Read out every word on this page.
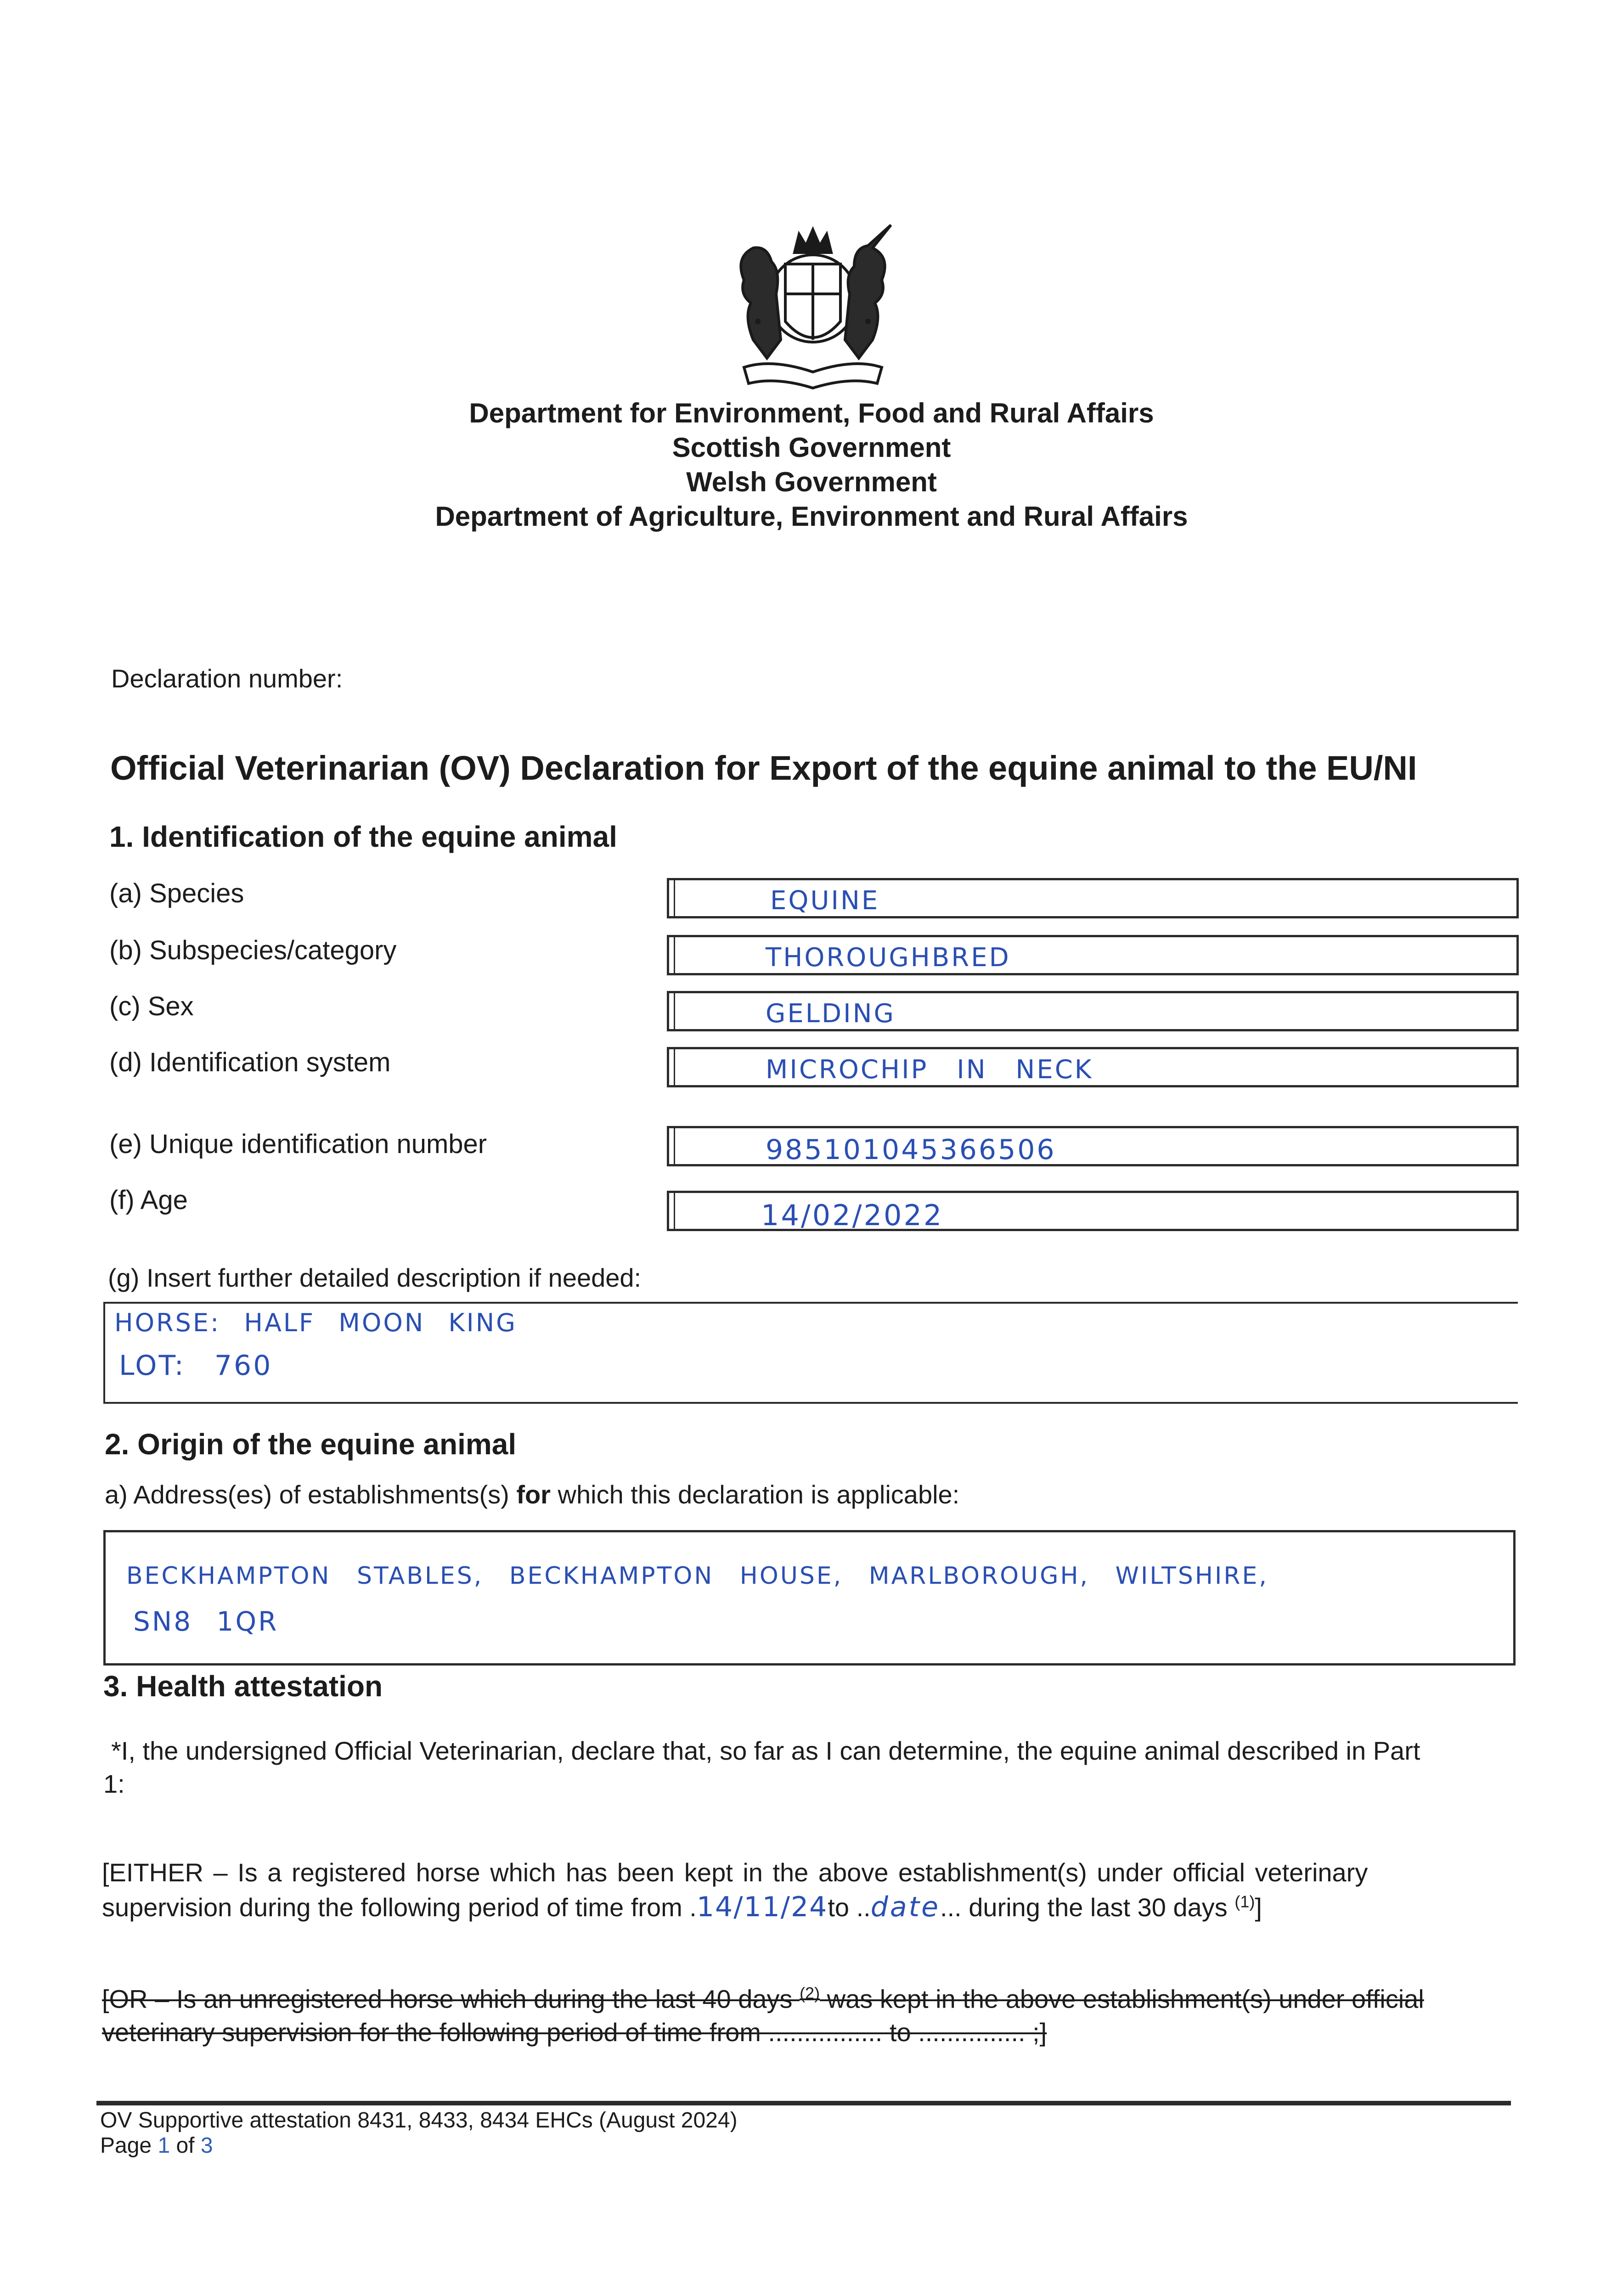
Department for Environment, Food and Rural Affairs
Scottish Government
Welsh Government
Department of Agriculture, Environment and Rural Affairs
Declaration number:
Official Veterinarian (OV) Declaration for Export of the equine animal to the EU/NI
1. Identification of the equine animal
(a) Species	EQUINE
(b) Subspecies/category	THOROUGHBRED
(c) Sex	GELDING
(d) Identification system	MICROCHIP IN NECK
(e) Unique identification number	985101045366506
(f) Age	14/02/2022
(g) Insert further detailed description if needed:
HORSE: HALF MOON KING
LOT: 760
2. Origin of the equine animal
a) Address(es) of establishments(s) for which this declaration is applicable:
BECKHAMPTON STABLES, BECKHAMPTON HOUSE, MARLBOROUGH, WILTSHIRE,
SN8 1QR
3. Health attestation
*I, the undersigned Official Veterinarian, declare that, so far as I can determine, the equine animal described in Part
1:
[EITHER – Is a registered horse which has been kept in the above establishment(s) under official veterinary
supervision during the following period of time from .14/11/24to ..date... during the last 30 days $^{(1)}$]
[OR – Is an unregistered horse which during the last 40 days $^{(2)}$ was kept in the above establishment(s) under official
veterinary supervision for the following period of time from ................ to ............... ;]
OV Supportive attestation 8431, 8433, 8434 EHCs (August 2024)
Page 1 of 3
